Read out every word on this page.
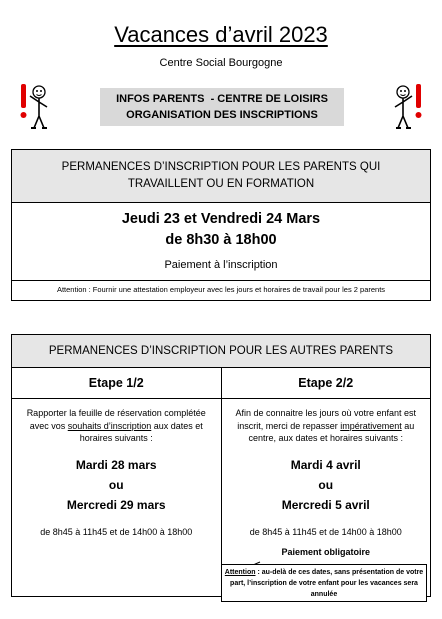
Vacances d’avril 2023
Centre Social Bourgogne
INFOS PARENTS  - CENTRE DE LOISIRS
ORGANISATION DES INSCRIPTIONS
PERMANENCES D’INSCRIPTION POUR LES PARENTS QUI
TRAVAILLENT OU EN FORMATION
Jeudi 23 et Vendredi 24 Mars
de 8h30 à 18h00
Paiement à l’inscription
Attention : Fournir une attestation employeur avec les jours et horaires de travail pour les 2 parents
PERMANENCES D’INSCRIPTION POUR LES AUTRES PARENTS
Etape 1/2
Rapporter la feuille de réservation complétée avec vos souhaits d’inscription aux dates et horaires suivants :
Mardi 28 mars
ou
Mercredi 29 mars
de 8h45 à 11h45 et de 14h00 à 18h00
Etape 2/2
Afin de connaitre les jours où votre enfant est inscrit, merci de repasser impérativement au centre, aux dates et horaires suivants :
Mardi 4 avril
ou
Mercredi 5 avril
de 8h45 à 11h45 et de 14h00 à 18h00
Paiement obligatoire
Attention : au-delà de ces dates, sans présentation de votre part, l’inscription de votre enfant pour les vacances sera annulée
